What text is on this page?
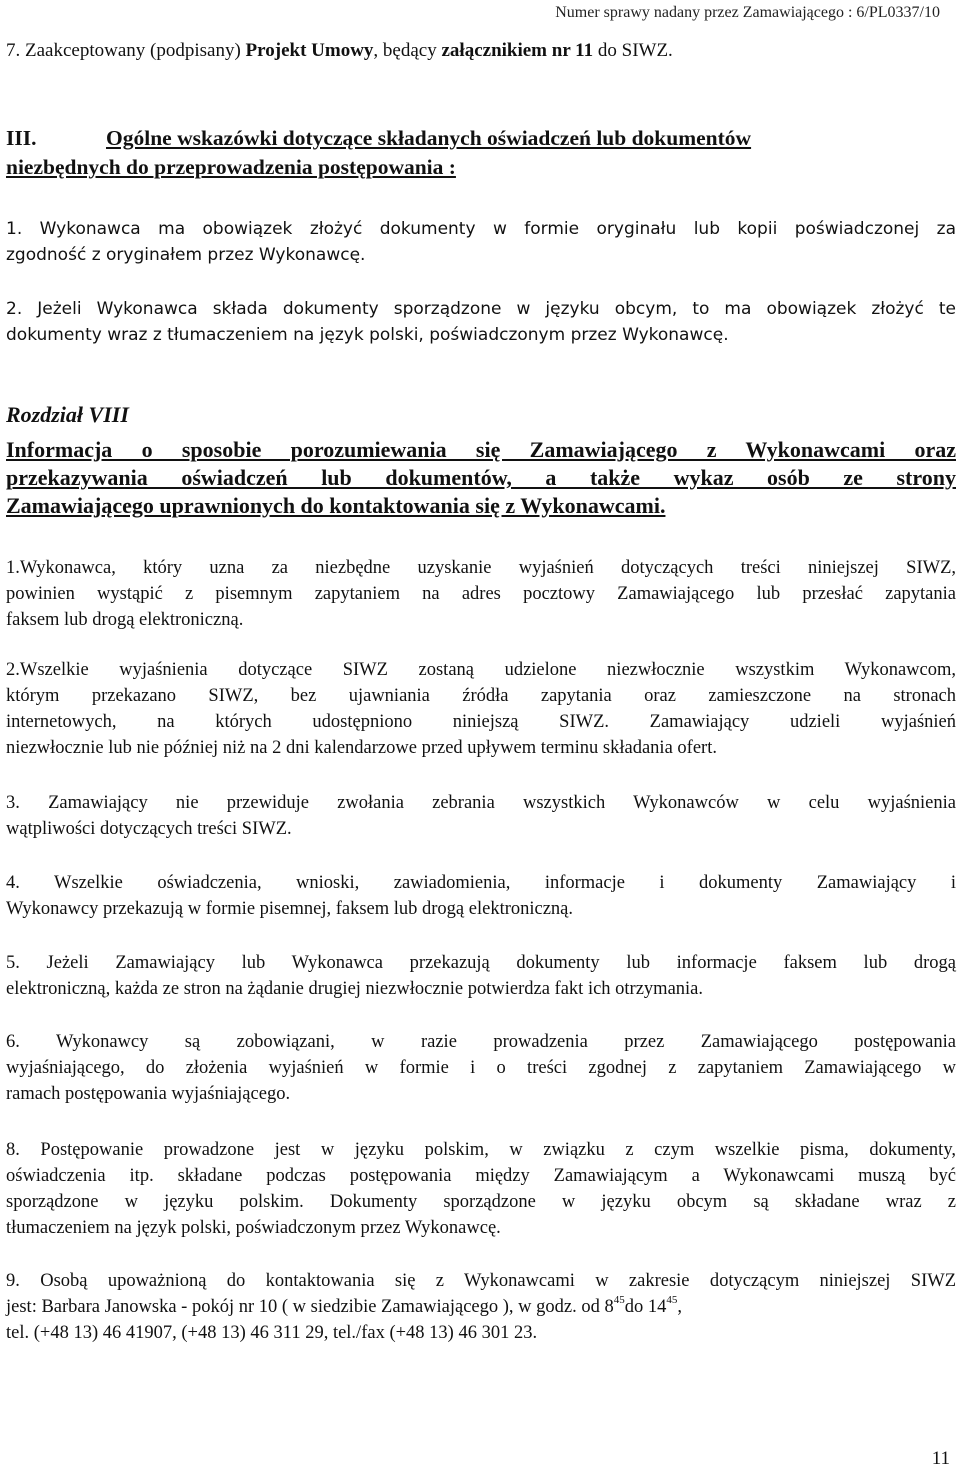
Numer sprawy nadany przez Zamawiającego : 6/PL0337/10

7. Zaakceptowany (podpisany) Projekt Umowy, będący załącznikiem nr 11 do SIWZ.

III.	Ogólne wskazówki dotyczące składanych oświadczeń lub dokumentów
niezbędnych do przeprowadzenia postępowania :

1. Wykonawca ma obowiązek złożyć dokumenty w formie oryginału lub kopii poświadczonej za

zgodność z oryginałem przez Wykonawcę.

2. Jeżeli Wykonawca składa dokumenty sporządzone w języku obcym, to ma obowiązek złożyć te

dokumenty wraz z tłumaczeniem na język polski, poświadczonym przez Wykonawcę.

Rozdział VIII
Informacja o sposobie porozumiewania się Zamawiającego z Wykonawcami oraz
przekazywania oświadczeń lub dokumentów, a także wykaz osób ze strony
Zamawiającego uprawnionych do kontaktowania się z Wykonawcami.

1.Wykonawca, który uzna za niezbędne uzyskanie wyjaśnień dotyczących treści niniejszej SIWZ,

powinien wystąpić z pisemnym zapytaniem na adres pocztowy Zamawiającego lub przesłać zapytania

faksem lub drogą elektroniczną.

2.Wszelkie wyjaśnienia dotyczące SIWZ zostaną udzielone niezwłocznie wszystkim Wykonawcom,

którym przekazano SIWZ, bez ujawniania źródła zapytania oraz zamieszczone na stronach

internetowych, na których udostępniono niniejszą SIWZ. Zamawiający udzieli wyjaśnień

niezwłocznie lub nie później niż na 2 dni kalendarzowe przed upływem terminu składania ofert.

3. Zamawiający nie przewiduje zwołania zebrania wszystkich Wykonawców w celu wyjaśnienia

wątpliwości dotyczących treści SIWZ.

4. Wszelkie oświadczenia, wnioski, zawiadomienia, informacje i dokumenty Zamawiający i

Wykonawcy przekazują w formie pisemnej, faksem lub drogą elektroniczną.

5. Jeżeli Zamawiający lub Wykonawca przekazują dokumenty lub informacje faksem lub drogą

elektroniczną, każda ze stron na żądanie drugiej niezwłocznie potwierdza fakt ich otrzymania.

6. Wykonawcy są zobowiązani, w razie prowadzenia przez Zamawiającego postępowania

wyjaśniającego, do złożenia wyjaśnień w formie i o treści zgodnej z zapytaniem Zamawiającego w

ramach postępowania wyjaśniającego.

8. Postępowanie prowadzone jest w języku polskim, w związku z czym wszelkie pisma, dokumenty,

oświadczenia itp. składane podczas postępowania między Zamawiającym a Wykonawcami muszą być

sporządzone w języku polskim. Dokumenty sporządzone w języku obcym są składane wraz z

tłumaczeniem na język polski, poświadczonym przez Wykonawcę.

9. Osobą upoważnioną do kontaktowania się z Wykonawcami w zakresie dotyczącym niniejszej SIWZ

jest: Barbara Janowska - pokój nr 10 ( w siedzibie Zamawiającego ), w godz. od $8^{45}do$ $14^{45}$,

tel. (+48 13) 46 41907, (+48 13) 46 311 29, tel./fax (+48 13) 46 301 23.

11
